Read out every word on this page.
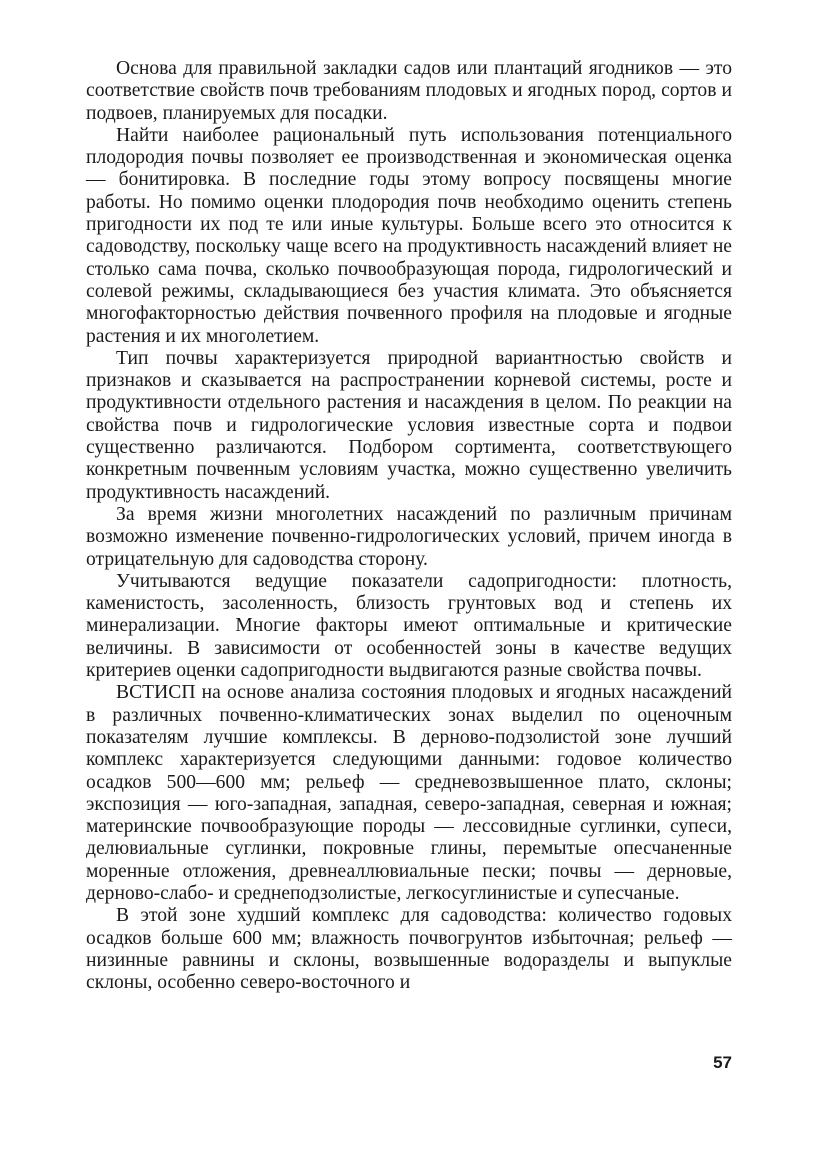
Основа для правильной закладки садов или плантаций ягодников — это соответствие свойств почв требованиям плодовых и ягодных пород, сортов и подвоев, планируемых для посадки.

Найти наиболее рациональный путь использования потенциального плодородия почвы позволяет ее производственная и экономическая оценка — бонитировка. В последние годы этому вопросу посвящены многие работы. Но помимо оценки плодородия почв необходимо оценить степень пригодности их под те или иные культуры. Больше всего это относится к садоводству, поскольку чаще всего на продуктивность насаждений влияет не столько сама почва, сколько почвообразующая порода, гидрологический и солевой режимы, складывающиеся без участия климата. Это объясняется многофакторностью действия почвенного профиля на плодовые и ягодные растения и их многолетием.

Тип почвы характеризуется природной вариантностью свойств и признаков и сказывается на распространении корневой системы, росте и продуктивности отдельного растения и насаждения в целом. По реакции на свойства почв и гидрологические условия известные сорта и подвои существенно различаются. Подбором сортимента, соответствующего конкретным почвенным условиям участка, можно существенно увеличить продуктивность насаждений.

За время жизни многолетних насаждений по различным причинам возможно изменение почвенно-гидрологических условий, причем иногда в отрицательную для садоводства сторону.

Учитываются ведущие показатели садопригодности: плотность, каменистость, засоленность, близость грунтовых вод и степень их минерализации. Многие факторы имеют оптимальные и критические величины. В зависимости от особенностей зоны в качестве ведущих критериев оценки садопригодности выдвигаются разные свойства почвы.

ВСТИСП на основе анализа состояния плодовых и ягодных насаждений в различных почвенно-климатических зонах выделил по оценочным показателям лучшие комплексы. В дерново-подзолистой зоне лучший комплекс характеризуется следующими данными: годовое количество осадков 500—600 мм; рельеф — средневозвышенное плато, склоны; экспозиция — юго-западная, западная, северо-западная, северная и южная; материнские почвообразующие породы — лессовидные суглинки, супеси, делювиальные суглинки, покровные глины, перемытые опесчаненные моренные отложения, древнеаллювиальные пески; почвы — дерновые, дерново-слабо- и среднеподзолистые, легкосуглинистые и супесчаные.

В этой зоне худший комплекс для садоводства: количество годовых осадков больше 600 мм; влажность почвогрунтов избыточная; рельеф — низинные равнины и склоны, возвышенные водоразделы и выпуклые склоны, особенно северо-восточного и

57
